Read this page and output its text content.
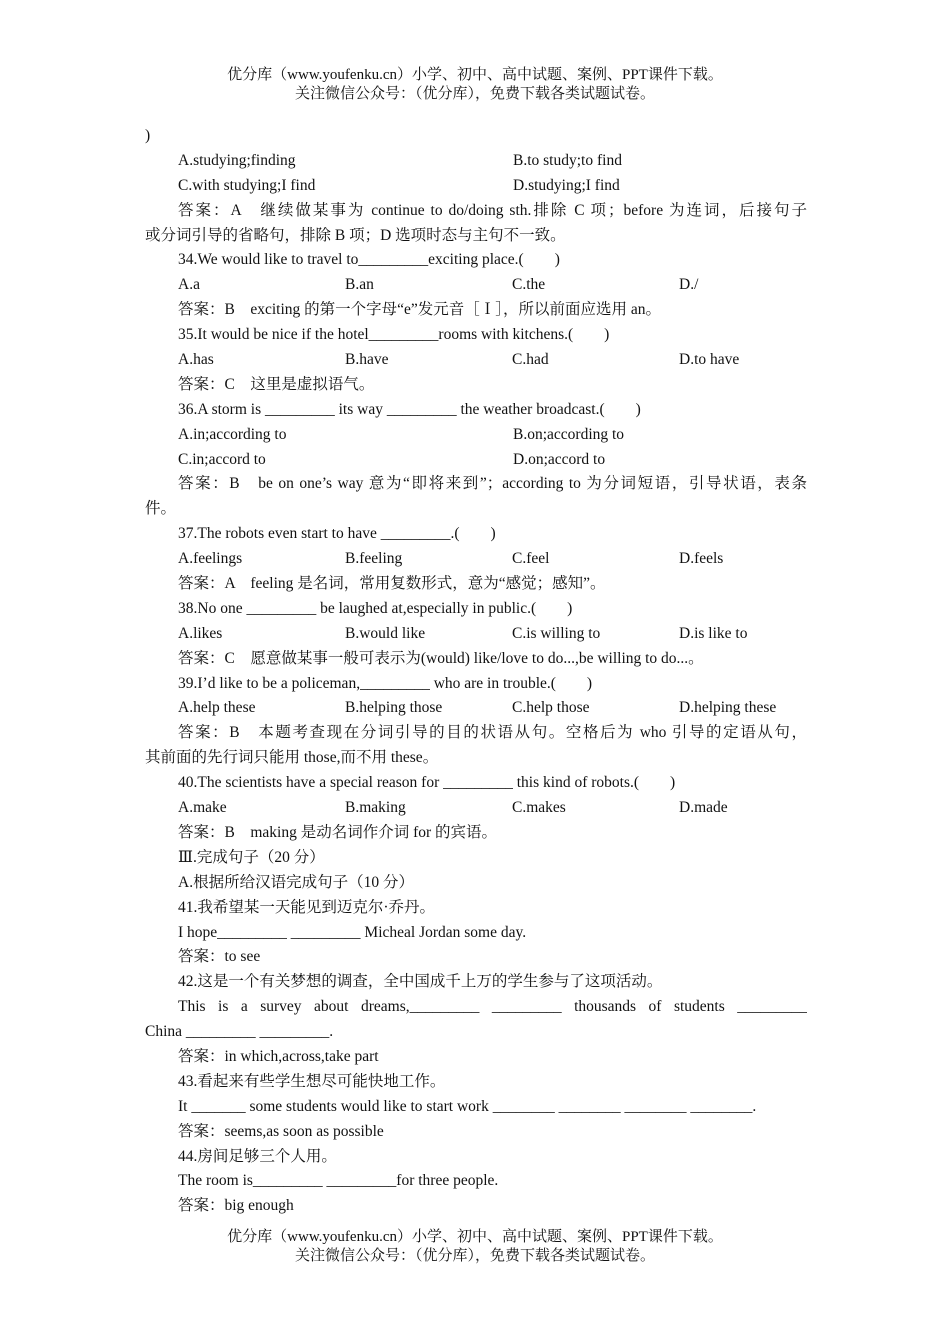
优分库（www.youfenku.cn）小学、初中、高中试题、案例、PPT课件下载。
关注微信公众号：（优分库），免费下载各类试题试卷。
)
A.studying;finding	B.to study;to find
C.with studying;I find	D.studying;I find
答案：A　继续做某事为 continue to do/doing sth.排除 C 项；before 为连词，后接句子
或分词引导的省略句，排除 B 项；D 选项时态与主句不一致。
34.We would like to travel to_________exciting place.(　　)
A.a	B.an	C.the	D./
答案：B　exciting 的第一个字母“e”发元音［Ｉ］，所以前面应选用 an。
35.It would be nice if the hotel_________rooms with kitchens.(　　)
A.has	B.have	C.had	D.to have
答案：C　这里是虚拟语气。
36.A storm is _________ its way _________ the weather broadcast.(　　)
A.in;according to	B.on;according to
C.in;accord to	D.on;accord to
答案：B　be on one’s way 意为“即将来到”；according to 为分词短语，引导状语，表条
件。
37.The robots even start to have _________.(　　)
A.feelings	B.feeling	C.feel	D.feels
答案：A　feeling 是名词，常用复数形式，意为“感觉；感知”。
38.No one _________ be laughed at,especially in public.(　　)
A.likes	B.would like	C.is willing to	D.is like to
答案：C　愿意做某事一般可表示为(would) like/love to do...,be willing to do...。
39.I’d like to be a policeman,_________ who are in trouble.(　　)
A.help these	B.helping those	C.help those	D.helping these
答案：B　本题考查现在分词引导的目的状语从句。空格后为 who 引导的定语从句，
其前面的先行词只能用 those,而不用 these。
40.The scientists have a special reason for _________ this kind of robots.(　　)
A.make	B.making	C.makes	D.made
答案：B　making 是动名词作介词 for 的宾语。
Ⅲ.完成句子（20 分）
A.根据所给汉语完成句子（10 分）
41.我希望某一天能见到迈克尔·乔丹。
I hope_________ _________ Micheal Jordan some day.
答案：to see
42.这是一个有关梦想的调查，全中国成千上万的学生参与了这项活动。
This is a survey about dreams,_________ _________ thousands of students _________
China _________ _________.
答案：in which,across,take part
43.看起来有些学生想尽可能快地工作。
It _______ some students would like to start work ________ ________ ________ ________.
答案：seems,as soon as possible
44.房间足够三个人用。
The room is_________ _________for three people.
答案：big enough
优分库（www.youfenku.cn）小学、初中、高中试题、案例、PPT课件下载。
关注微信公众号：（优分库），免费下载各类试题试卷。
